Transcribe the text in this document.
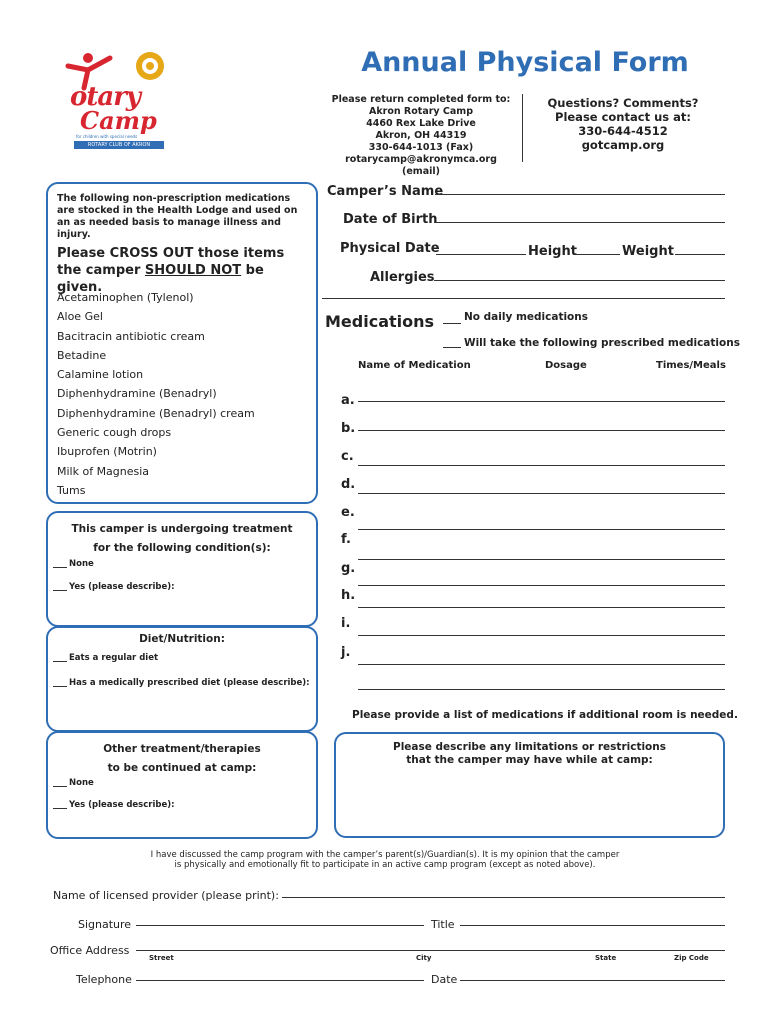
otary
Camp
for children with special needs
ROTARY CLUB OF AKRON
Annual Physical Form
Please return completed form to:
Akron Rotary Camp
4460 Rex Lake Drive
Akron, OH 44319
330-644-1013 (Fax)
rotarycamp@akronymca.org (email)
Questions? Comments?
Please contact us at:
330-644-4512
gotcamp.org
The following non-prescription medications are stocked in the Health Lodge and used on an as needed basis to manage illness and injury.
Please CROSS OUT those items
the camper SHOULD NOT be given.
Acetaminophen (Tylenol)
Aloe Gel
Bacitracin antibiotic cream
Betadine
Calamine lotion
Diphenhydramine (Benadryl)
Diphenhydramine (Benadryl) cream
Generic cough drops
Ibuprofen (Motrin)
Milk of Magnesia
Tums
Camper’s Name
Date of Birth
Physical Date	Height	Weight
Allergies
Medications	No daily medications
Will take the following prescribed medications
Name of Medication	Dosage	Times/Meals
a.
b.
c.
d.
e.
f.
g.
h.
i.
j.
Please provide a list of medications if additional room is needed.
This camper is undergoing treatment
for the following condition(s):
None
Yes (please describe):
Diet/Nutrition:
Eats a regular diet
Has a medically prescribed diet (please describe):
Other treatment/therapies
to be continued at camp:
None
Yes (please describe):
Please describe any limitations or restrictions
that the camper may have while at camp:
I have discussed the camp program with the camper’s parent(s)/Guardian(s). It is my opinion that the camper
is physically and emotionally fit to participate in an active camp program (except as noted above).
Name of licensed provider (please print):
Signature	Title
Office Address
Street	City	State	Zip Code
Telephone	Date
